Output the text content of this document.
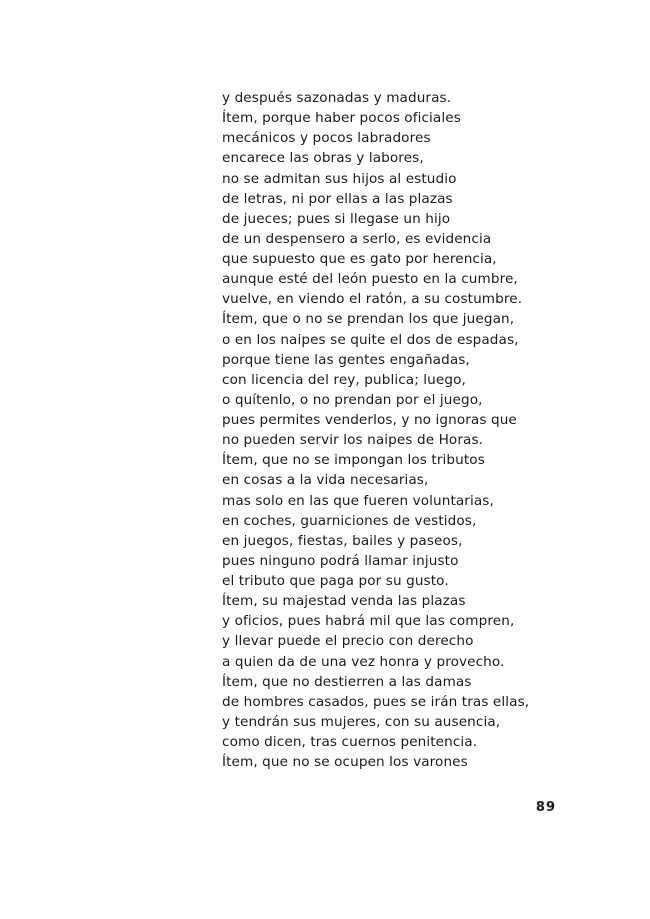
y después sazonadas y maduras.
Ítem, porque haber pocos oficiales
mecánicos y pocos labradores
encarece las obras y labores,
no se admitan sus hijos al estudio
de letras, ni por ellas a las plazas
de jueces; pues si llegase un hijo
de un despensero a serlo, es evidencia
que supuesto que es gato por herencia,
aunque esté del león puesto en la cumbre,
vuelve, en viendo el ratón, a su costumbre.
Ítem, que o no se prendan los que juegan,
o en los naipes se quite el dos de espadas,
porque tiene las gentes engañadas,
con licencia del rey, publica; luego,
o quítenlo, o no prendan por el juego,
pues permites venderlos, y no ignoras que
no pueden servir los naipes de Horas.
Ítem, que no se impongan los tributos
en cosas a la vida necesarias,
mas solo en las que fueren voluntarias,
en coches, guarniciones de vestidos,
en juegos, fiestas, bailes y paseos,
pues ninguno podrá llamar injusto
el tributo que paga por su gusto.
Ítem, su majestad venda las plazas
y oficios, pues habrá mil que las compren,
y llevar puede el precio con derecho
a quien da de una vez honra y provecho.
Ítem, que no destierren a las damas
de hombres casados, pues se irán tras ellas,
y tendrán sus mujeres, con su ausencia,
como dicen, tras cuernos penitencia.
Ítem, que no se ocupen los varones
89
